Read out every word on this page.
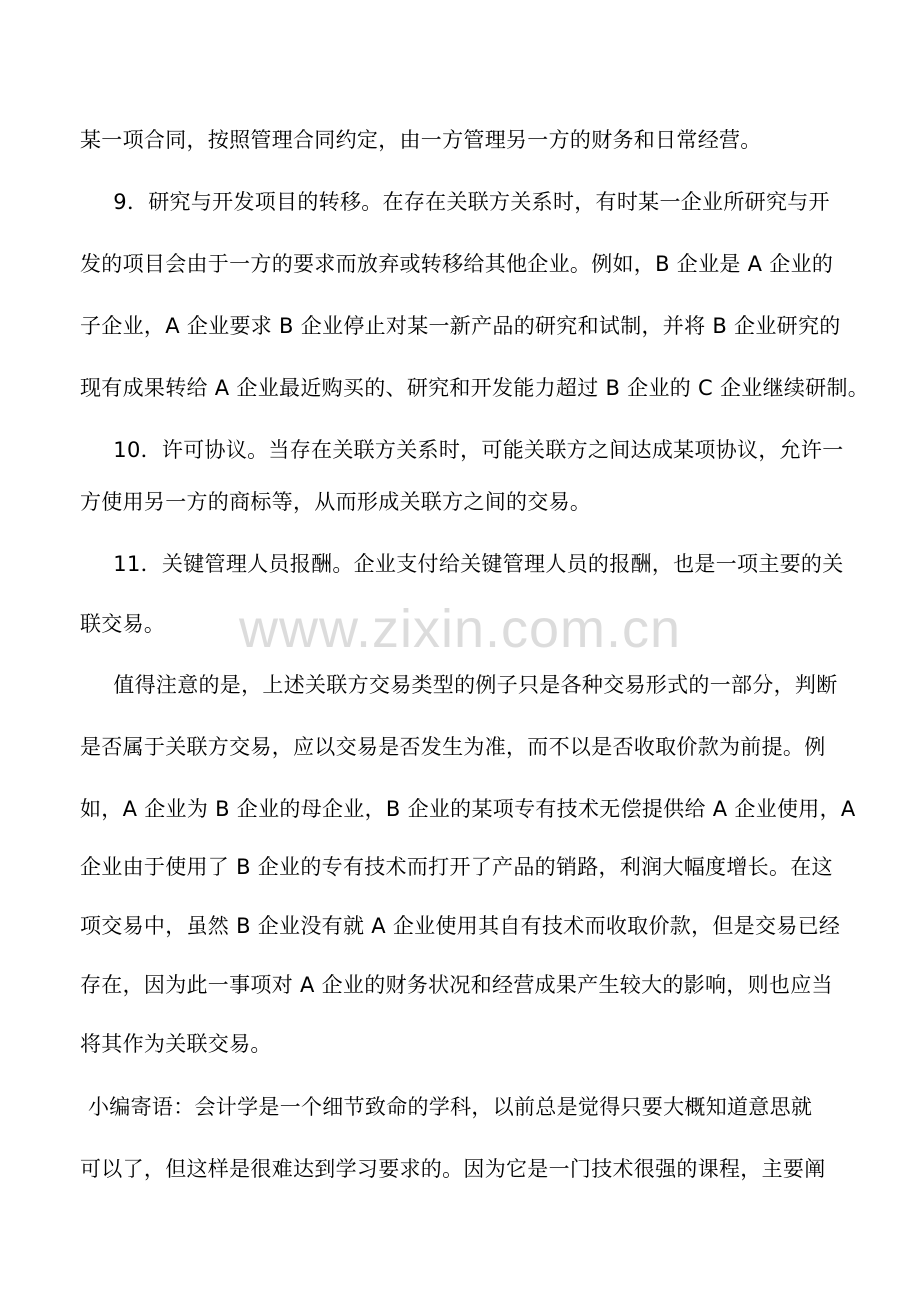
www.zixin.com.cn
某一项合同，按照管理合同约定，由一方管理另一方的财务和日常经营。
　9．研究与开发项目的转移。在存在关联方关系时，有时某一企业所研究与开
发的项目会由于一方的要求而放弃或转移给其他企业。例如，B 企业是 A 企业的
子企业，A 企业要求 B 企业停止对某一新产品的研究和试制，并将 B 企业研究的
现有成果转给 A 企业最近购买的、研究和开发能力超过 B 企业的 C 企业继续研制。
　10．许可协议。当存在关联方关系时，可能关联方之间达成某项协议，允许一
方使用另一方的商标等，从而形成关联方之间的交易。
　11．关键管理人员报酬。企业支付给关键管理人员的报酬，也是一项主要的关
联交易。
　值得注意的是，上述关联方交易类型的例子只是各种交易形式的一部分，判断
是否属于关联方交易，应以交易是否发生为准，而不以是否收取价款为前提。例
如，A 企业为 B 企业的母企业，B 企业的某项专有技术无偿提供给 A 企业使用，A
企业由于使用了 B 企业的专有技术而打开了产品的销路，利润大幅度增长。在这
项交易中，虽然 B 企业没有就 A 企业使用其自有技术而收取价款，但是交易已经
存在，因为此一事项对 A 企业的财务状况和经营成果产生较大的影响，则也应当
将其作为关联交易。
小编寄语：会计学是一个细节致命的学科，以前总是觉得只要大概知道意思就
可以了，但这样是很难达到学习要求的。因为它是一门技术很强的课程，主要阐
